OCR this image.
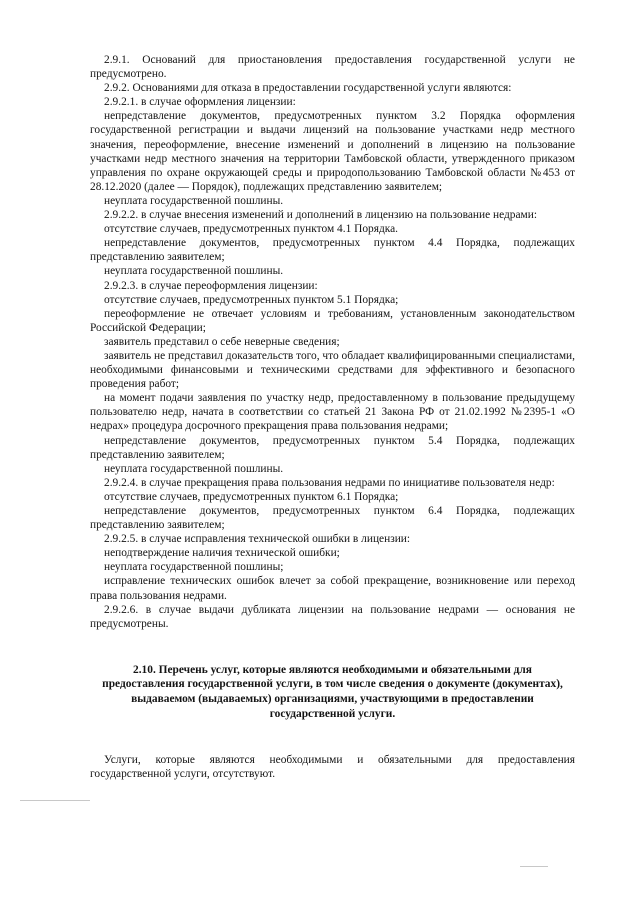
2.9.1. Оснований для приостановления предоставления государственной услуги не предусмотрено.

2.9.2. Основаниями для отказа в предоставлении государственной услуги являются:

2.9.2.1. в случае оформления лицензии:

непредставление документов, предусмотренных пунктом 3.2 Порядка оформления государственной регистрации и выдачи лицензий на пользование участками недр местного значения, переоформление, внесение изменений и дополнений в лицензию на пользование участками недр местного значения на территории Тамбовской области, утвержденного приказом управления по охране окружающей среды и природопользованию Тамбовской области №453 от 28.12.2020 (далее — Порядок), подлежащих представлению заявителем;

неуплата государственной пошлины.

2.9.2.2. в случае внесения изменений и дополнений в лицензию на пользование недрами:

отсутствие случаев, предусмотренных пунктом 4.1 Порядка.

непредставление документов, предусмотренных пунктом 4.4 Порядка, подлежащих представлению заявителем;

неуплата государственной пошлины.

2.9.2.3. в случае переоформления лицензии:

отсутствие случаев, предусмотренных пунктом 5.1 Порядка;

переоформление не отвечает условиям и требованиям, установленным законодательством Российской Федерации;

заявитель представил о себе неверные сведения;

заявитель не представил доказательств того, что обладает квалифицированными специалистами, необходимыми финансовыми и техническими средствами для эффективного и безопасного проведения работ;

на момент подачи заявления по участку недр, предоставленному в пользование предыдущему пользователю недр, начата в соответствии со статьей 21 Закона РФ от 21.02.1992 №2395-1 «О недрах» процедура досрочного прекращения права пользования недрами;

непредставление документов, предусмотренных пунктом 5.4 Порядка, подлежащих представлению заявителем;

неуплата государственной пошлины.

2.9.2.4. в случае прекращения права пользования недрами по инициативе пользователя недр:

отсутствие случаев, предусмотренных пунктом 6.1 Порядка;

непредставление документов, предусмотренных пунктом 6.4 Порядка, подлежащих представлению заявителем;

2.9.2.5. в случае исправления технической ошибки в лицензии:

неподтверждение наличия технической ошибки;

неуплата государственной пошлины;

исправление технических ошибок влечет за собой прекращение, возникновение или переход права пользования недрами.

2.9.2.6. в случае выдачи дубликата лицензии на пользование недрами — основания не предусмотрены.

2.10. Перечень услуг, которые являются необходимыми и обязательными для предоставления государственной услуги, в том числе сведения о документе (документах), выдаваемом (выдаваемых) организациями, участвующими в предоставлении государственной услуги.

Услуги, которые являются необходимыми и обязательными для предоставления государственной услуги, отсутствуют.
